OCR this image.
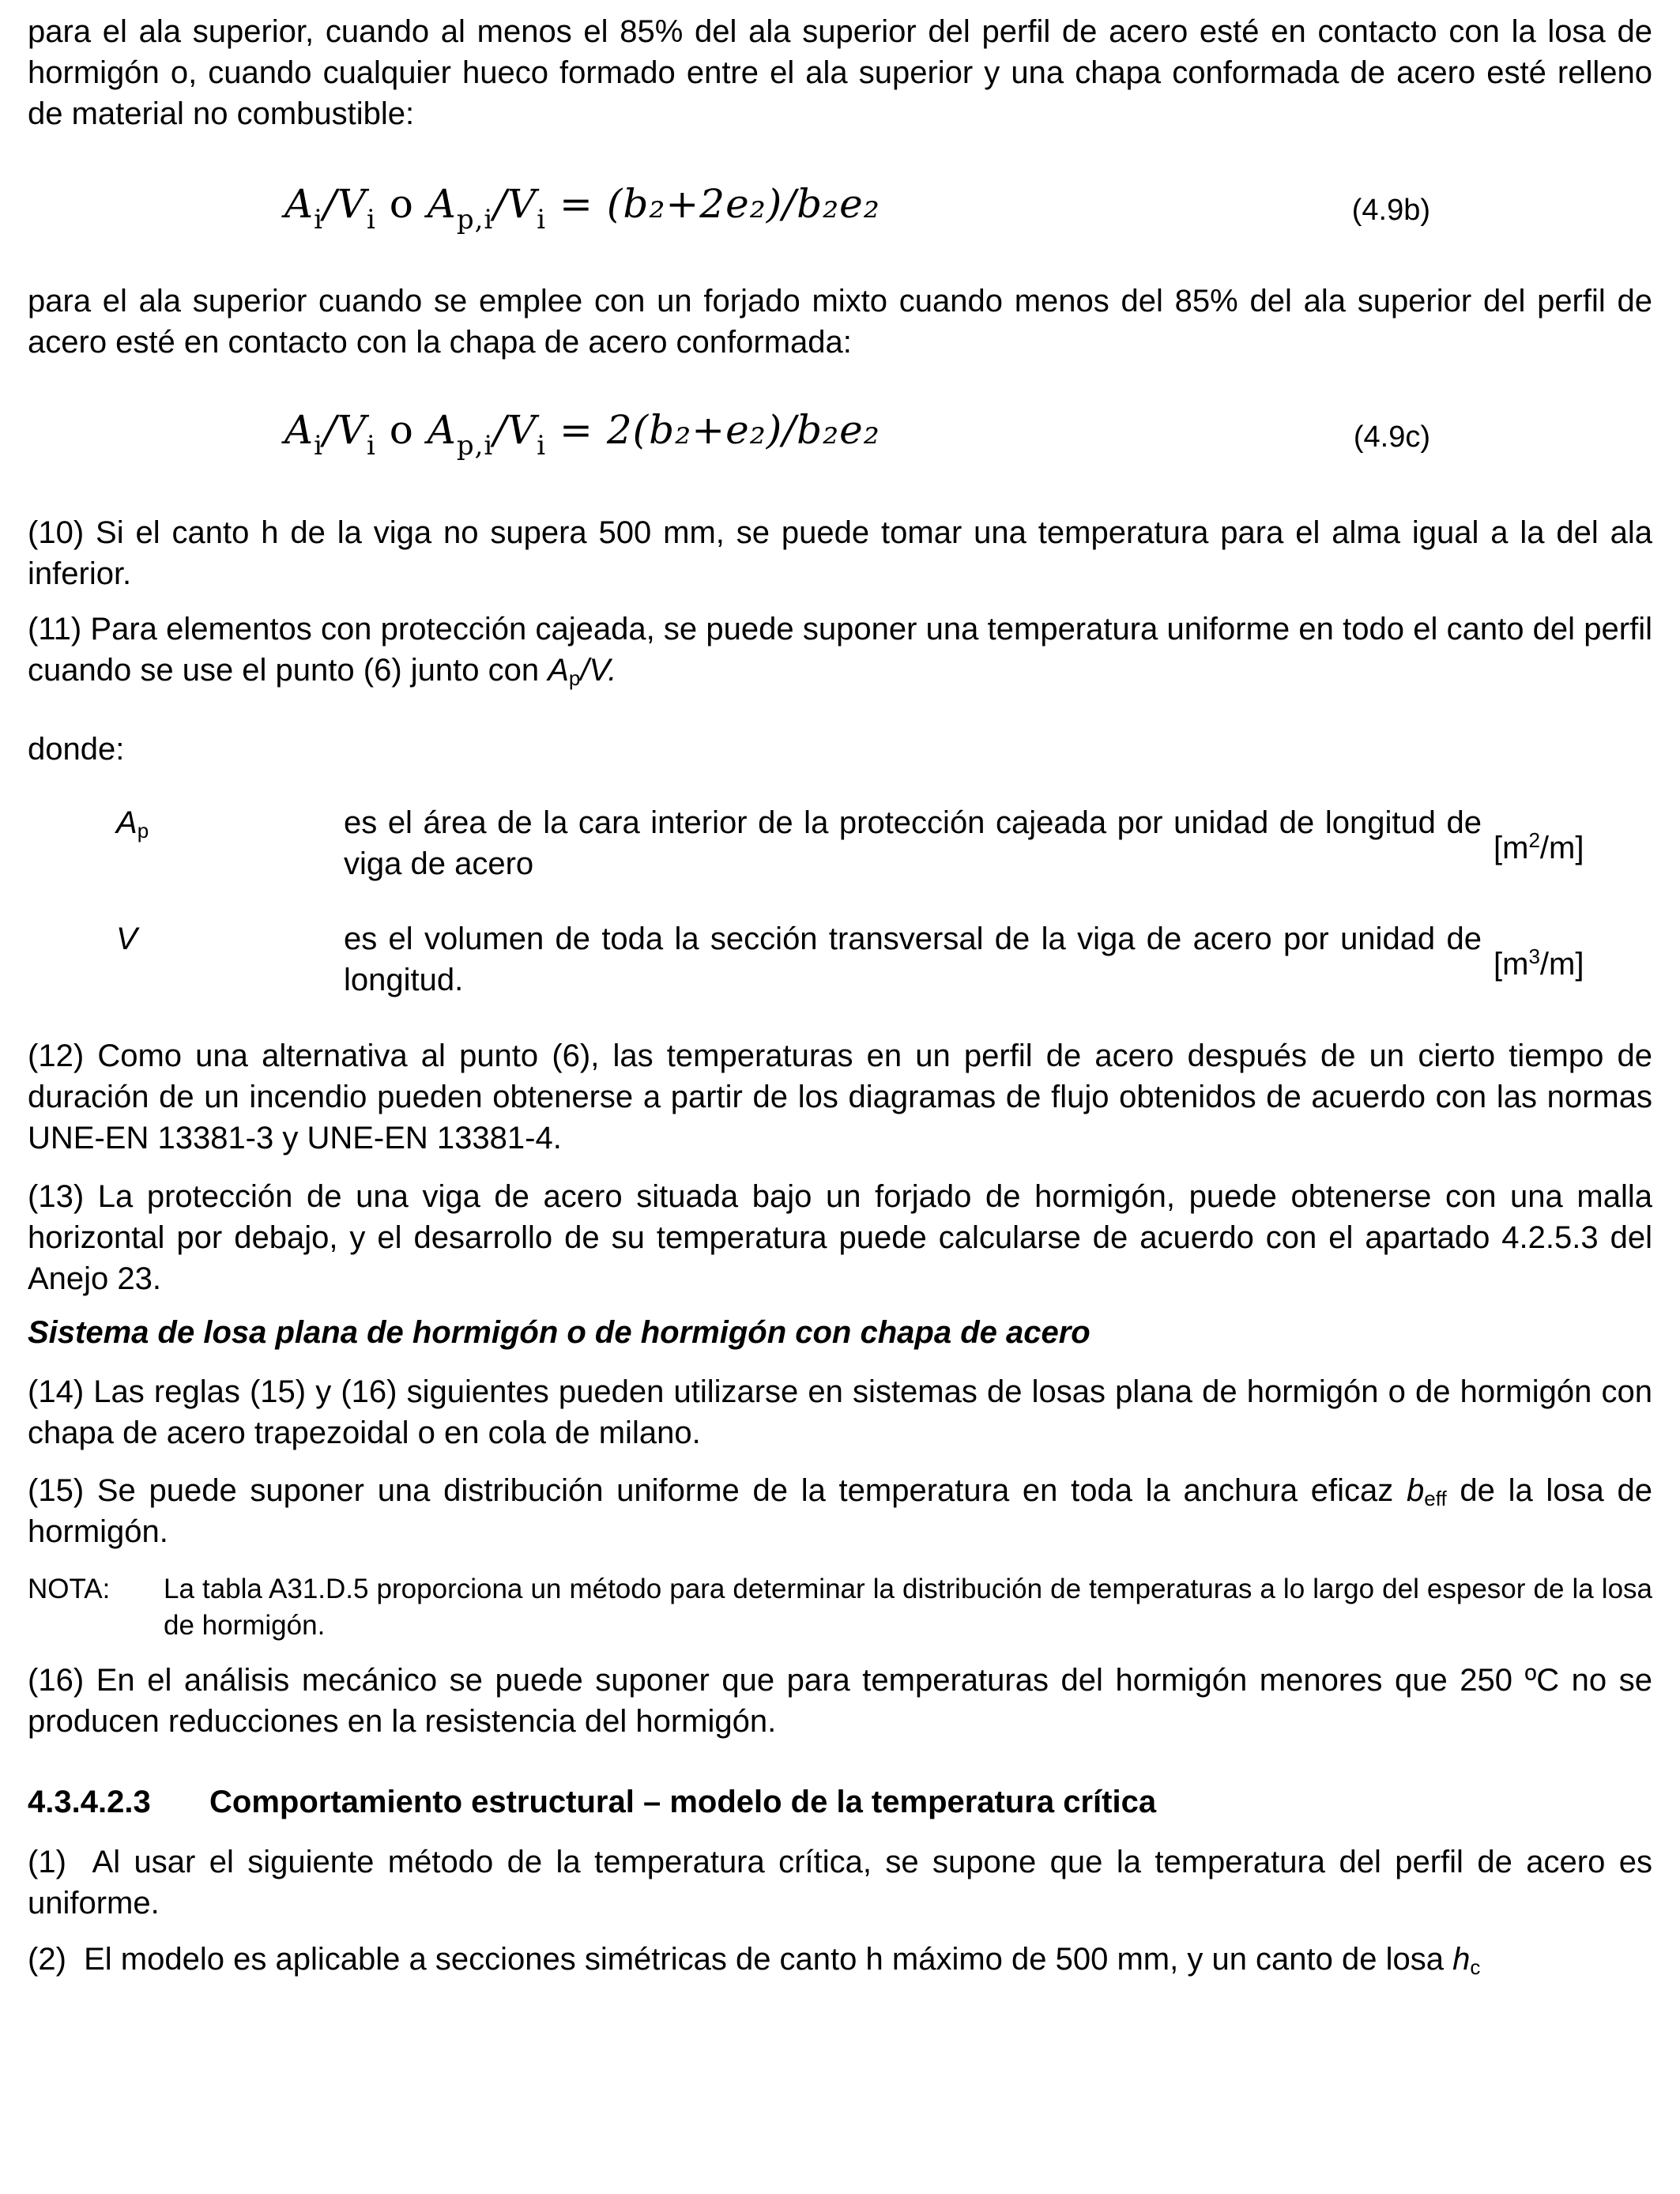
para el ala superior, cuando al menos el 85% del ala superior del perfil de acero esté en contacto con la losa de hormigón o, cuando cualquier hueco formado entre el ala superior y una chapa conformada de acero esté relleno de material no combustible:

$A_i/V_i$ o $A_{p,i}/V_i = (b_2+2e_2)/b_2e_2$	(4.9b)

para el ala superior cuando se emplee con un forjado mixto cuando menos del 85% del ala superior del perfil de acero esté en contacto con la chapa de acero conformada:

$A_i/V_i$ o $A_{p,i}/V_i = 2(b_2+e_2)/b_2e_2$	(4.9c)

(10) Si el canto h de la viga no supera 500 mm, se puede tomar una temperatura para el alma igual a la del ala inferior.

(11) Para elementos con protección cajeada, se puede suponer una temperatura uniforme en todo el canto del perfil cuando se use el punto (6) junto con $A_p/V$.

donde:

$A_p$	es el área de la cara interior de la protección cajeada por unidad de longitud de viga de acero	$[m^2/m]$
V	es el volumen de toda la sección transversal de la viga de acero por unidad de longitud.	$[m^3/m]$

(12) Como una alternativa al punto (6), las temperaturas en un perfil de acero después de un cierto tiempo de duración de un incendio pueden obtenerse a partir de los diagramas de flujo obtenidos de acuerdo con las normas UNE-EN 13381-3 y UNE-EN 13381-4.

(13) La protección de una viga de acero situada bajo un forjado de hormigón, puede obtenerse con una malla horizontal por debajo, y el desarrollo de su temperatura puede calcularse de acuerdo con el apartado 4.2.5.3 del Anejo 23.

Sistema de losa plana de hormigón o de hormigón con chapa de acero

(14) Las reglas (15) y (16) siguientes pueden utilizarse en sistemas de losas plana de hormigón o de hormigón con chapa de acero trapezoidal o en cola de milano.

(15) Se puede suponer una distribución uniforme de la temperatura en toda la anchura eficaz $b_{eff}$ de la losa de hormigón.

NOTA: La tabla A31.D.5 proporciona un método para determinar la distribución de temperaturas a lo largo del espesor de la losa de hormigón.

(16) En el análisis mecánico se puede suponer que para temperaturas del hormigón menores que 250 ºC no se producen reducciones en la resistencia del hormigón.

4.3.4.2.3 Comportamiento estructural – modelo de la temperatura crítica

(1) Al usar el siguiente método de la temperatura crítica, se supone que la temperatura del perfil de acero es uniforme.

(2) El modelo es aplicable a secciones simétricas de canto h máximo de 500 mm, y un canto de losa $h_c$
